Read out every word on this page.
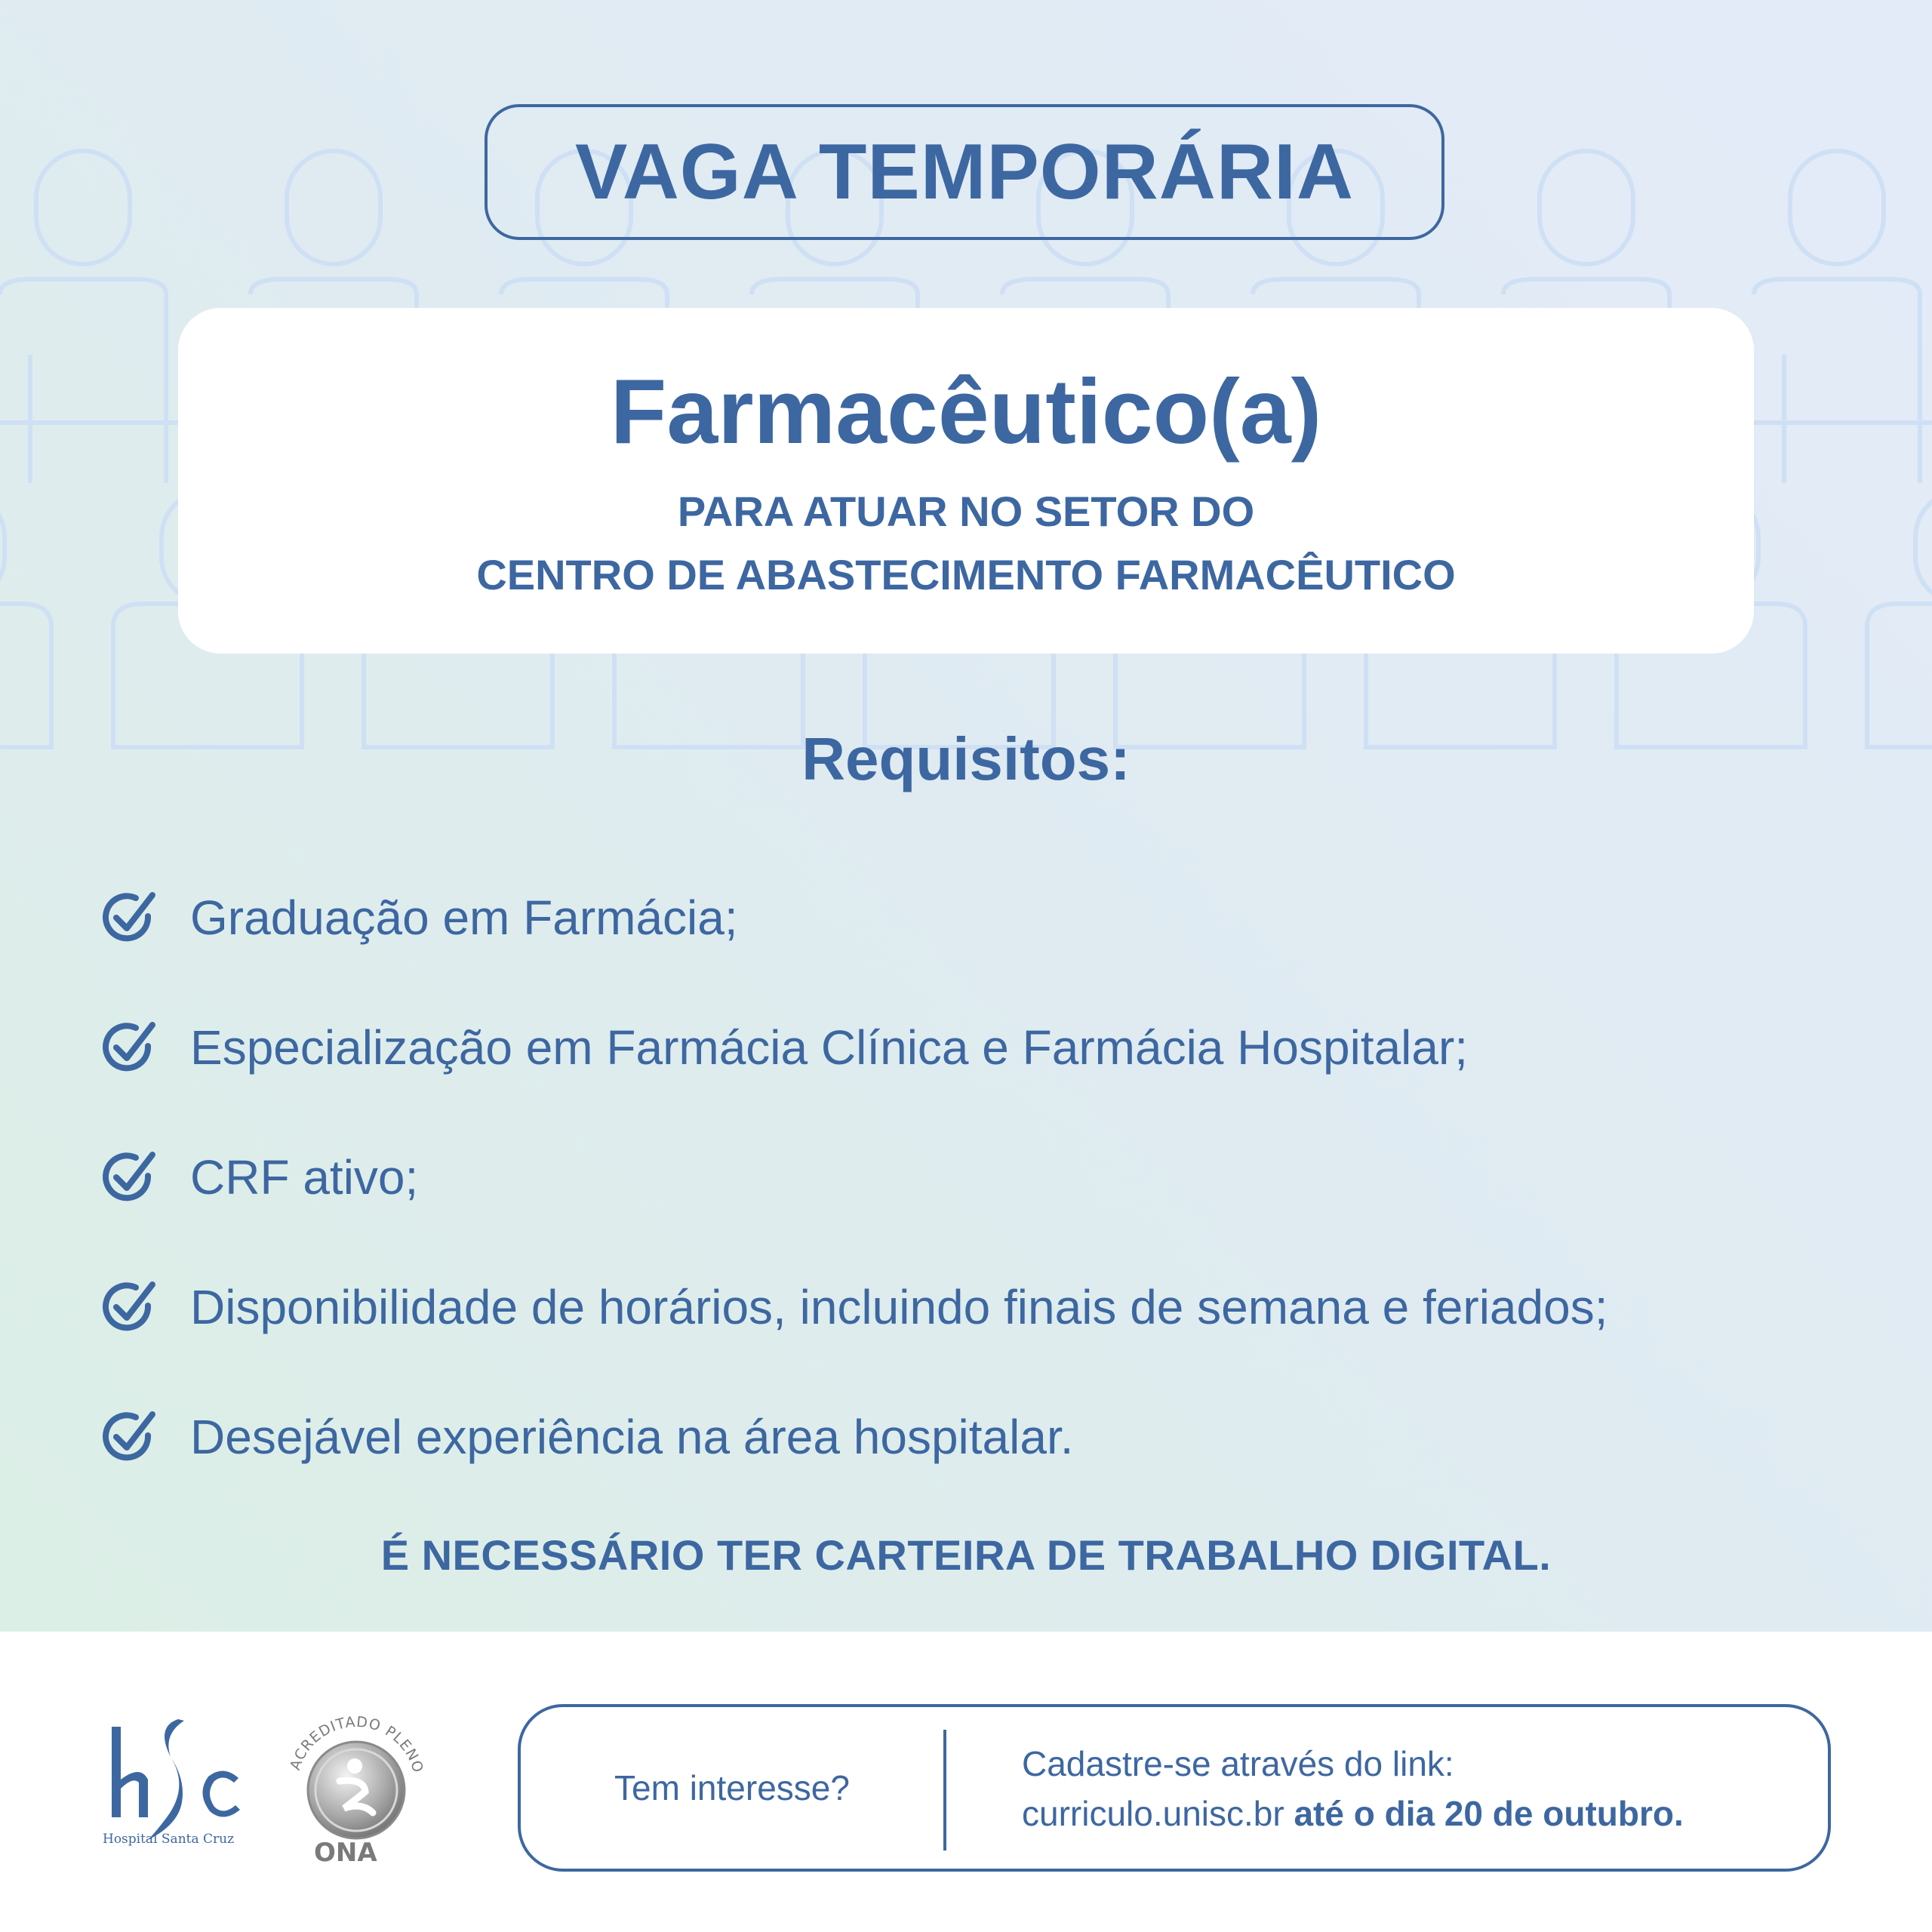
VAGA TEMPORÁRIA
Farmacêutico(a)
PARA ATUAR NO SETOR DO
CENTRO DE ABASTECIMENTO FARMACÊUTICO
Requisitos:
Graduação em Farmácia;
Especialização em Farmácia Clínica e Farmácia Hospitalar;
CRF ativo;
Disponibilidade de horários, incluindo finais de semana e feriados;
Desejável experiência na área hospitalar.
É NECESSÁRIO TER CARTEIRA DE TRABALHO DIGITAL.
Hospital Santa Cruz
ACREDITADO PLENO
ONA
Tem interesse?
Cadastre-se através do link:
curriculo.unisc.br até o dia 20 de outubro.
